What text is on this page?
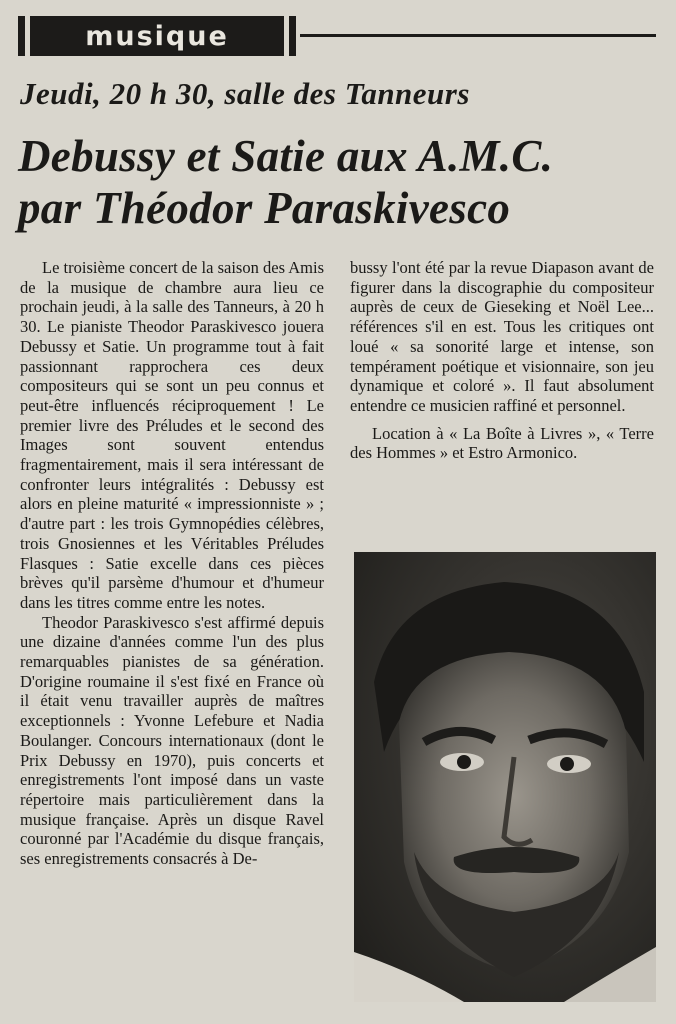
musique
Jeudi, 20 h 30, salle des Tanneurs
Debussy et Satie aux A.M.C.
par Théodor Paraskivesco

Le troisième concert de la saison des Amis de la musique de chambre aura lieu ce prochain jeudi, à la salle des Tanneurs, à 20 h 30. Le pianiste Theodor Paraskivesco jouera Debussy et Satie. Un programme tout à fait passionnant rapprochera ces deux compositeurs qui se sont un peu connus et peut-être influencés réciproquement ! Le premier livre des Préludes et le second des Images sont souvent entendus fragmentairement, mais il sera intéressant de confronter leurs intégralités : Debussy est alors en pleine maturité « impressionniste » ; d'autre part : les trois Gymnopédies célèbres, trois Gnosiennes et les Véritables Préludes Flasques : Satie excelle dans ces pièces brèves qu'il parsème d'humour et d'humeur dans les titres comme entre les notes.

Theodor Paraskivesco s'est affirmé depuis une dizaine d'années comme l'un des plus remarquables pianistes de sa génération. D'origine roumaine il s'est fixé en France où il était venu travailler auprès de maîtres exceptionnels : Yvonne Lefebure et Nadia Boulanger. Concours internationaux (dont le Prix Debussy en 1970), puis concerts et enregistrements l'ont imposé dans un vaste répertoire mais particulièrement dans la musique française. Après un disque Ravel couronné par l'Académie du disque français, ses enregistrements consacrés à De-

bussy l'ont été par la revue Diapason avant de figurer dans la discographie du compositeur auprès de ceux de Gieseking et Noël Lee... références s'il en est. Tous les critiques ont loué « sa sonorité large et intense, son tempérament poétique et visionnaire, son jeu dynamique et coloré ». Il faut absolument entendre ce musicien raffiné et personnel.

Location à « La Boîte à Livres », « Terre des Hommes » et Estro Armonico.
